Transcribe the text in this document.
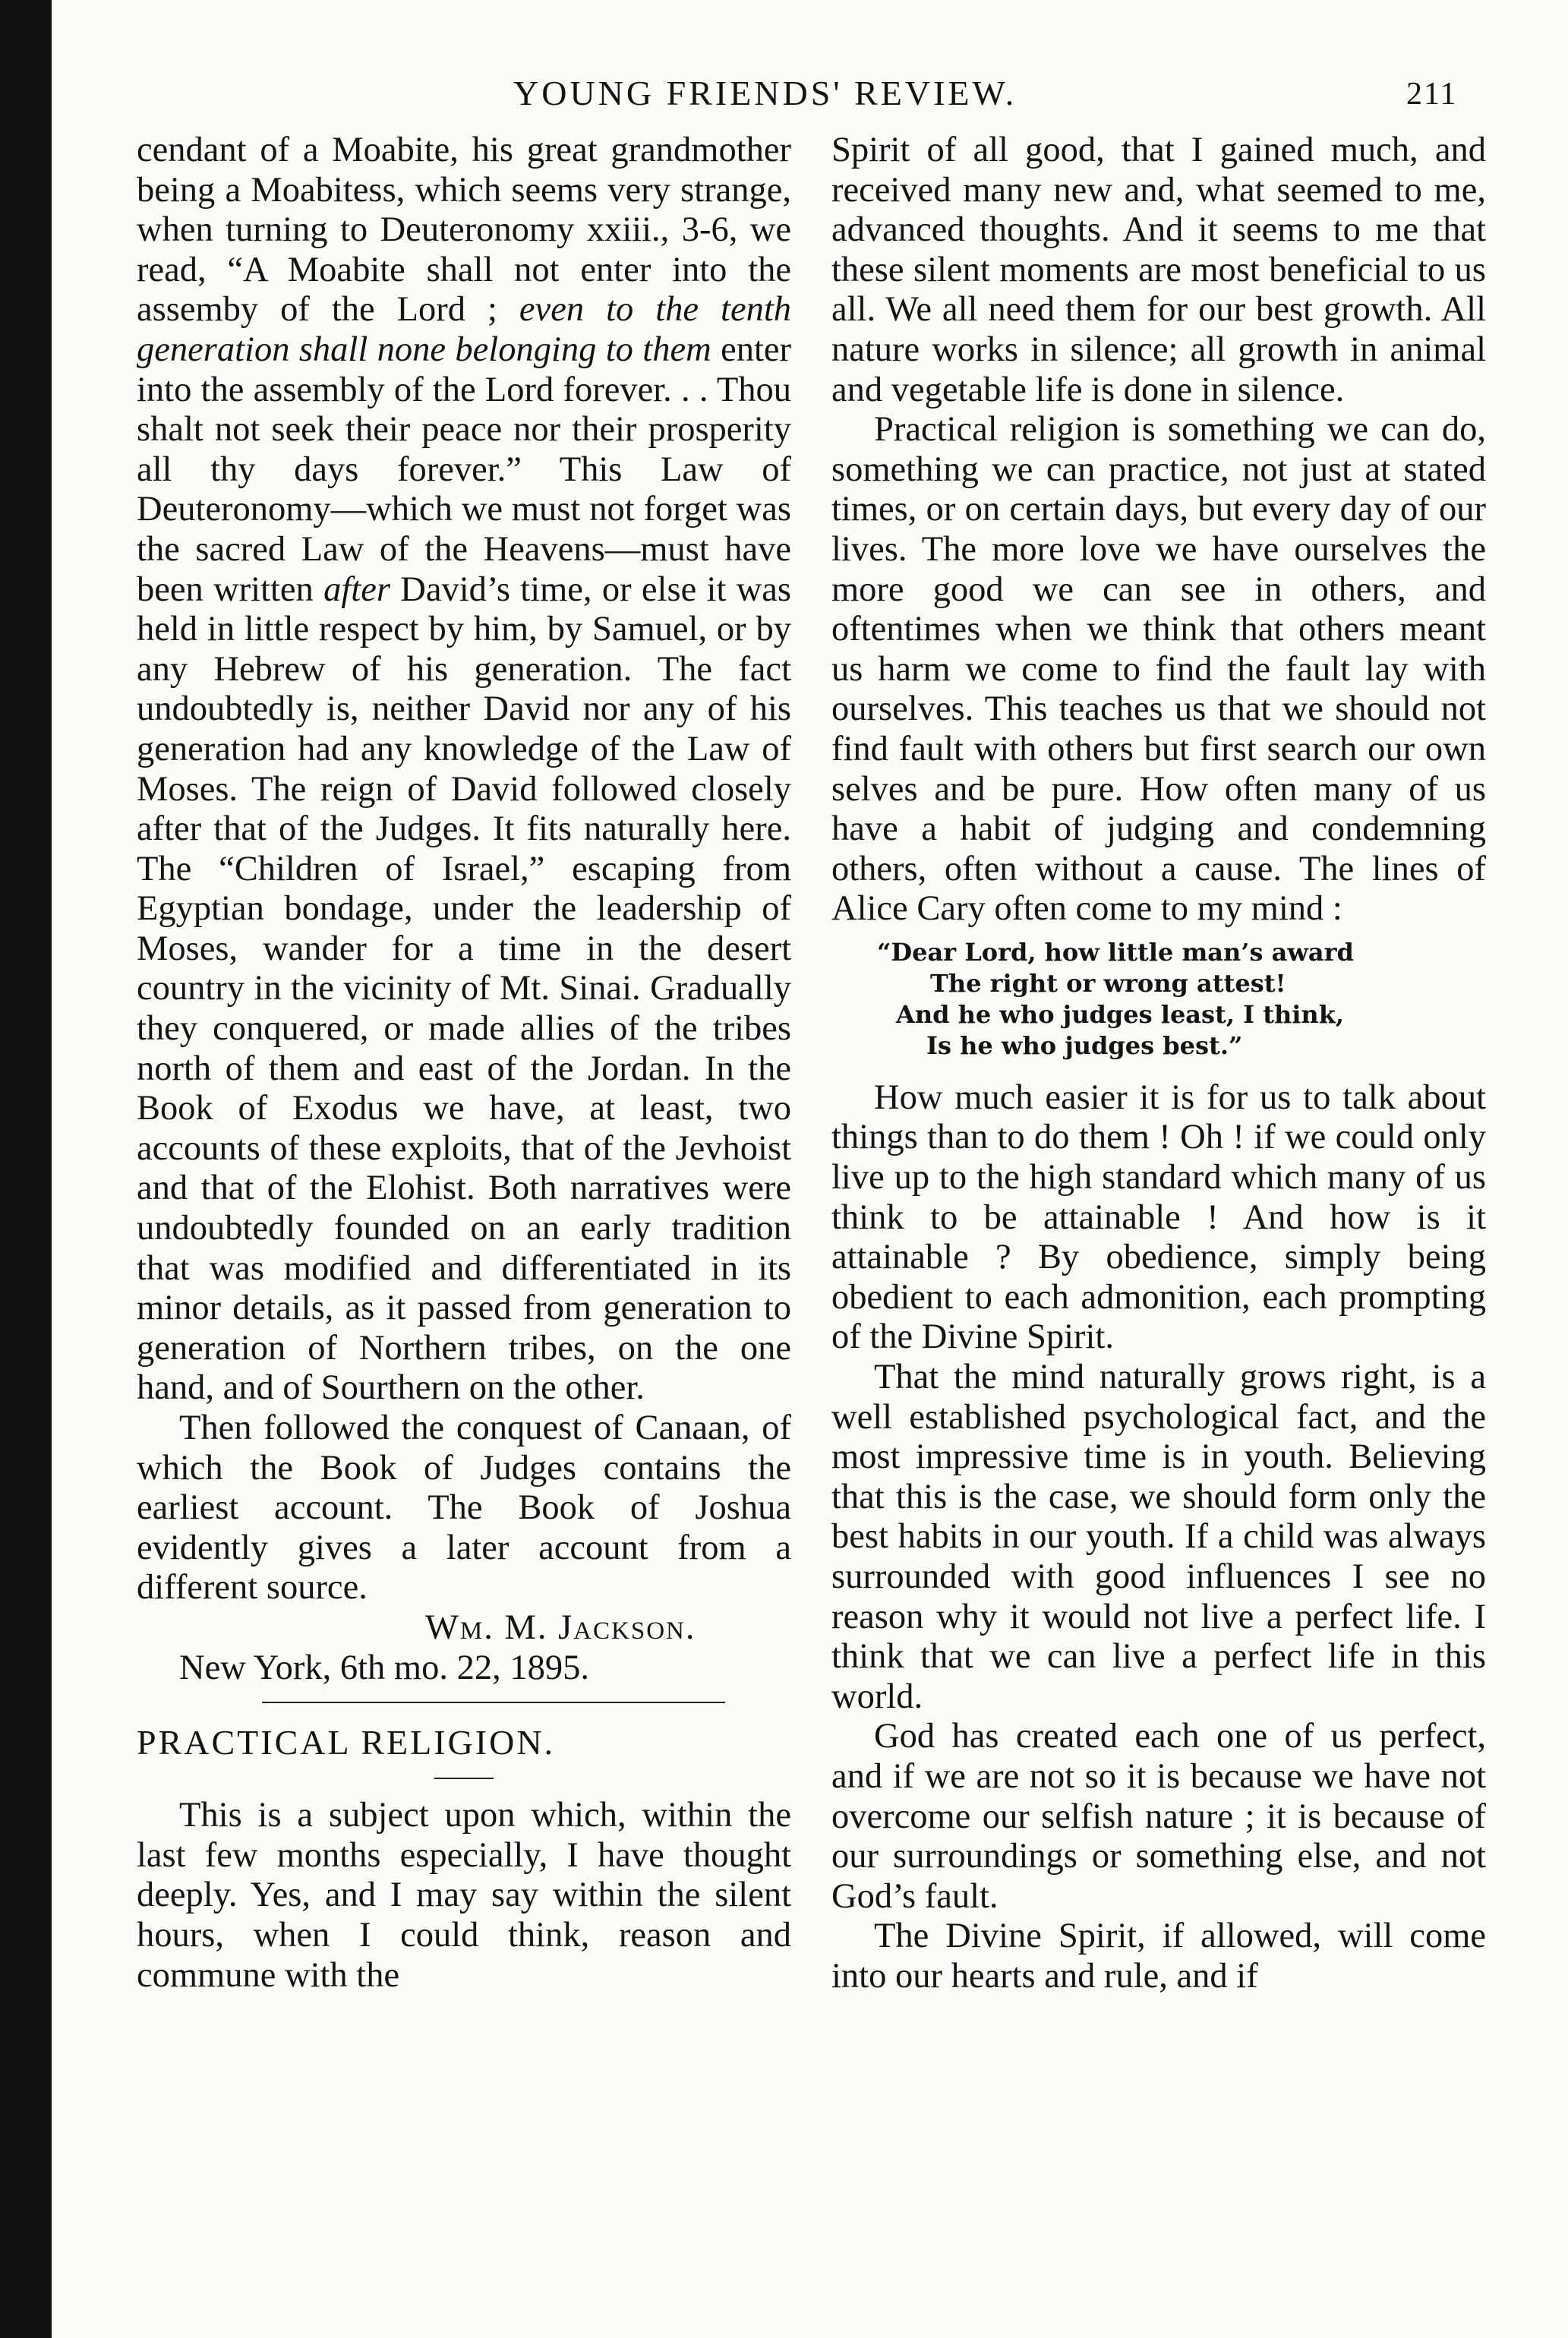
YOUNG FRIENDS' REVIEW.	211

cendant of a Moabite, his great grandmother being a Moabitess, which seems very strange, when turning to Deuteronomy xxiii., 3-6, we read, “A Moabite shall not enter into the assemby of the Lord ; even to the tenth generation shall none belonging to them enter into the assembly of the Lord forever. . . Thou shalt not seek their peace nor their prosperity all thy days forever.” This Law of Deuteronomy—which we must not forget was the sacred Law of the Heavens—must have been written after David’s time, or else it was held in little respect by him, by Samuel, or by any Hebrew of his generation. The fact undoubtedly is, neither David nor any of his generation had any knowledge of the Law of Moses. The reign of David followed closely after that of the Judges. It fits naturally here. The “Children of Israel,” escaping from Egyptian bondage, under the leadership of Moses, wander for a time in the desert country in the vicinity of Mt. Sinai. Gradually they conquered, or made allies of the tribes north of them and east of the Jordan. In the Book of Exodus we have, at least, two accounts of these exploits, that of the Jevhoist and that of the Elohist. Both narratives were undoubtedly founded on an early tradition that was modified and differentiated in its minor details, as it passed from generation to generation of Northern tribes, on the one hand, and of Sourthern on the other.

Then followed the conquest of Canaan, of which the Book of Judges contains the earliest account. The Book of Joshua evidently gives a later account from a different source.

Wm. M. Jackson.

New York, 6th mo. 22, 1895.

PRACTICAL RELIGION.

This is a subject upon which, within the last few months especially, I have thought deeply. Yes, and I may say within the silent hours, when I could think, reason and commune with the

Spirit of all good, that I gained much, and received many new and, what seemed to me, advanced thoughts. And it seems to me that these silent moments are most beneficial to us all. We all need them for our best growth. All nature works in silence; all growth in animal and vegetable life is done in silence.

Practical religion is something we can do, something we can practice, not just at stated times, or on certain days, but every day of our lives. The more love we have ourselves the more good we can see in others, and oftentimes when we think that others meant us harm we come to find the fault lay with ourselves. This teaches us that we should not find fault with others but first search our own selves and be pure. How often many of us have a habit of judging and condemning others, often without a cause. The lines of Alice Cary often come to my mind :

“Dear Lord, how little man’s award
The right or wrong attest!
And he who judges least, I think,
Is he who judges best.”

How much easier it is for us to talk about things than to do them ! Oh ! if we could only live up to the high standard which many of us think to be attainable ! And how is it attainable ? By obedience, simply being obedient to each admonition, each prompting of the Divine Spirit.

That the mind naturally grows right, is a well established psychological fact, and the most impressive time is in youth. Believing that this is the case, we should form only the best habits in our youth. If a child was always surrounded with good influences I see no reason why it would not live a perfect life. I think that we can live a perfect life in this world.

God has created each one of us perfect, and if we are not so it is because we have not overcome our selfish nature ; it is because of our surroundings or something else, and not God’s fault.

The Divine Spirit, if allowed, will come into our hearts and rule, and if
